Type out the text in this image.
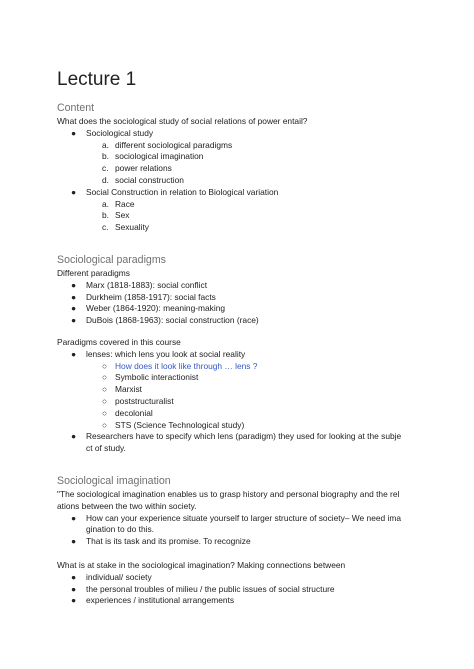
Lecture 1
Content
What does the sociological study of social relations of power entail?
●	Sociological study
a. different sociological paradigms
b. sociological imagination
c. power relations
d. social construction
●	Social Construction in relation to Biological variation
a. Race
b. Sex
c. Sexuality
Sociological paradigms
Different paradigms
●	Marx (1818-1883): social conflict
●	Durkheim (1858-1917): social facts
●	Weber (1864-1920): meaning-making
●	DuBois (1868-1963): social construction (race)
Paradigms covered in this course
●	lenses: which lens you look at social reality
○ How does it look like through … lens ?
○ Symbolic interactionist
○ Marxist
○ poststructuralist
○ decolonial
○ STS (Science Technological study)
●	Researchers have to specify which lens (paradigm) they used for looking at the subje
ct of study.
Sociological imagination
"The sociological imagination enables us to grasp history and personal biography and the rel
ations between the two within society.
●	How can your experience situate yourself to larger structure of society– We need ima
gination to do this.
●	That is its task and its promise. To recognize
What is at stake in the sociological imagination? Making connections between
●	individual/ society
●	the personal troubles of milieu / the public issues of social structure
●	experiences / institutional arrangements
